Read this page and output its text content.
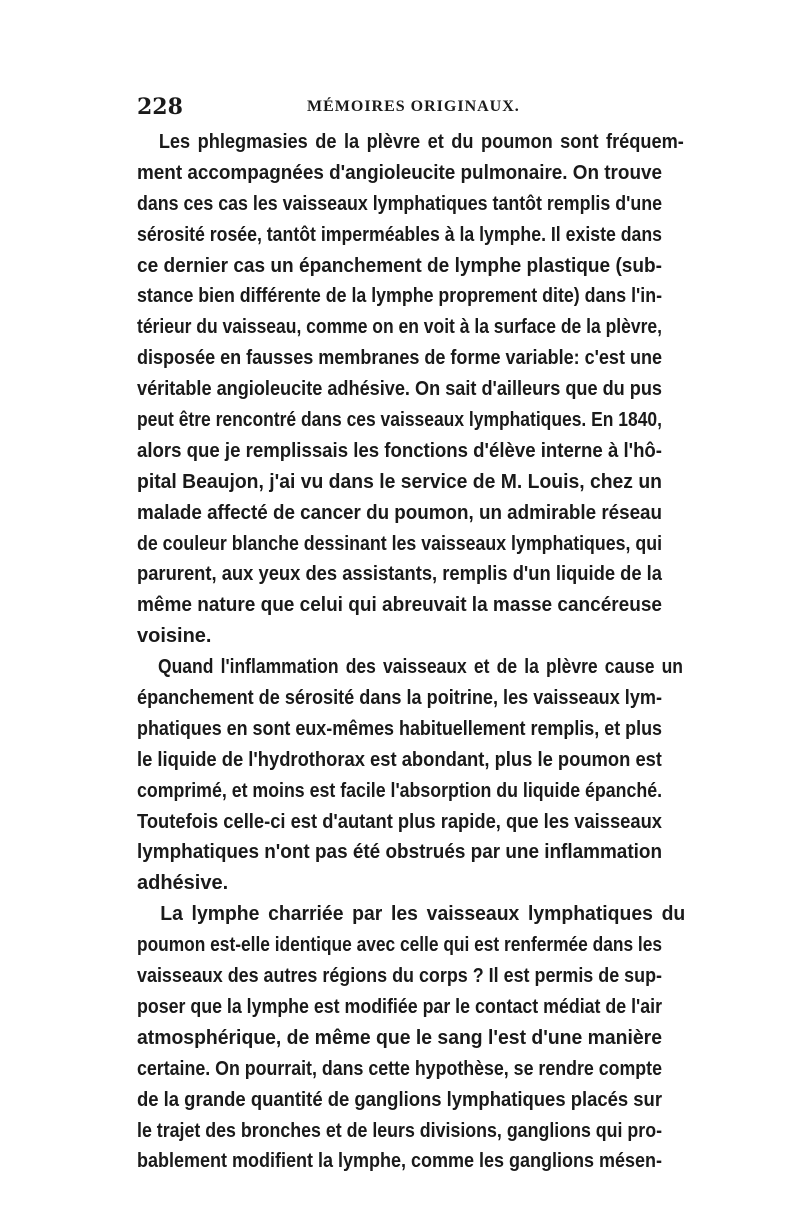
228	MÉMOIRES ORIGINAUX.
Les phlegmasies de la plèvre et du poumon sont fréquem-
ment accompagnées d'angioleucite pulmonaire. On trouve
dans ces cas les vaisseaux lymphatiques tantôt remplis d'une
sérosité rosée, tantôt imperméables à la lymphe. Il existe dans
ce dernier cas un épanchement de lymphe plastique (sub-
stance bien différente de la lymphe proprement dite) dans l'in-
térieur du vaisseau, comme on en voit à la surface de la plèvre,
disposée en fausses membranes de forme variable: c'est une
véritable angioleucite adhésive. On sait d'ailleurs que du pus
peut être rencontré dans ces vaisseaux lymphatiques. En 1840,
alors que je remplissais les fonctions d'élève interne à l'hô-
pital Beaujon, j'ai vu dans le service de M. Louis, chez un
malade affecté de cancer du poumon, un admirable réseau
de couleur blanche dessinant les vaisseaux lymphatiques, qui
parurent, aux yeux des assistants, remplis d'un liquide de la
même nature que celui qui abreuvait la masse cancéreuse
voisine.
Quand l'inflammation des vaisseaux et de la plèvre cause un
épanchement de sérosité dans la poitrine, les vaisseaux lym-
phatiques en sont eux-mêmes habituellement remplis, et plus
le liquide de l'hydrothorax est abondant, plus le poumon est
comprimé, et moins est facile l'absorption du liquide épanché.
Toutefois celle-ci est d'autant plus rapide, que les vaisseaux
lymphatiques n'ont pas été obstrués par une inflammation
adhésive.
La lymphe charriée par les vaisseaux lymphatiques du
poumon est-elle identique avec celle qui est renfermée dans les
vaisseaux des autres régions du corps ? Il est permis de sup-
poser que la lymphe est modifiée par le contact médiat de l'air
atmosphérique, de même que le sang l'est d'une manière
certaine. On pourrait, dans cette hypothèse, se rendre compte
de la grande quantité de ganglions lymphatiques placés sur
le trajet des bronches et de leurs divisions, ganglions qui pro-
bablement modifient la lymphe, comme les ganglions mésen-
